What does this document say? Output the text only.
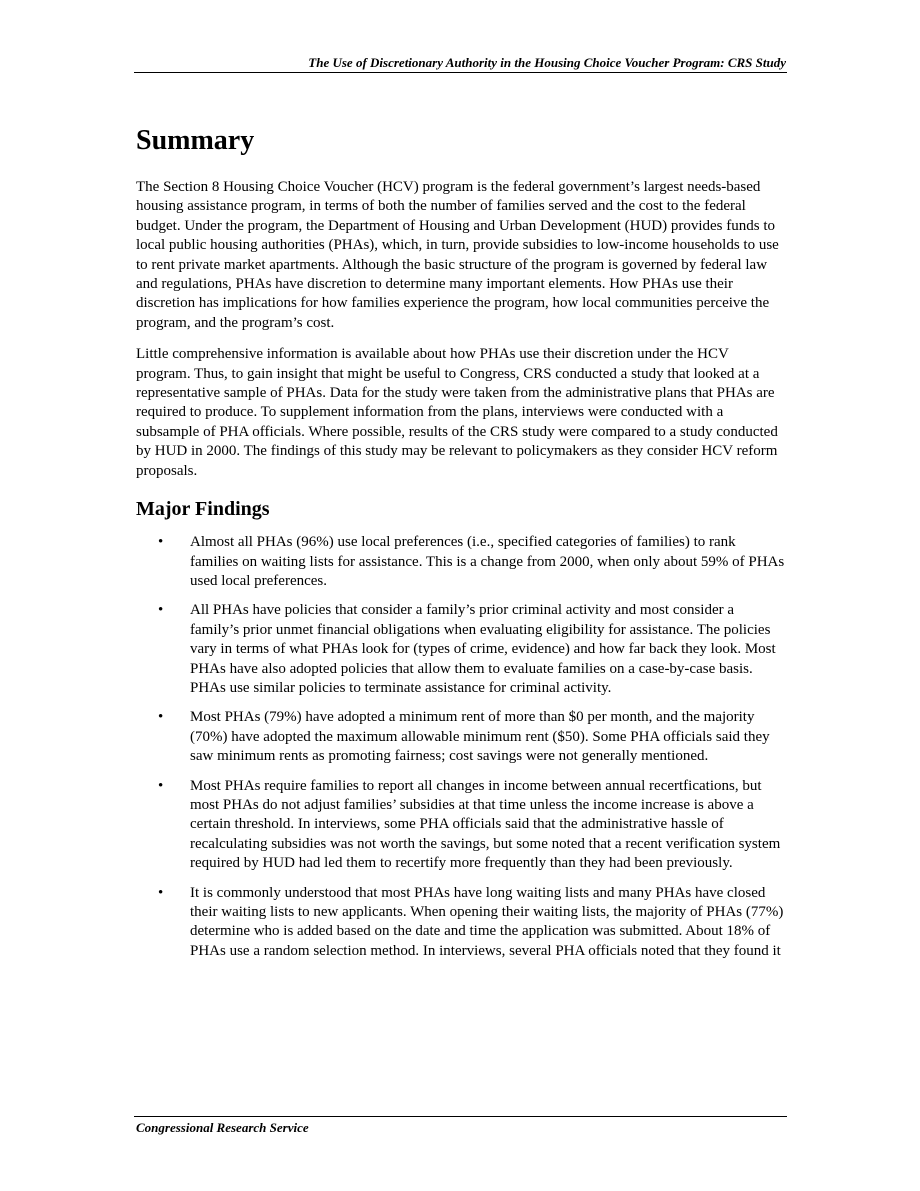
The Use of Discretionary Authority in the Housing Choice Voucher Program: CRS Study
Summary

The Section 8 Housing Choice Voucher (HCV) program is the federal government’s largest needs-based housing assistance program, in terms of both the number of families served and the cost to the federal budget. Under the program, the Department of Housing and Urban Development (HUD) provides funds to local public housing authorities (PHAs), which, in turn, provide subsidies to low-income households to use to rent private market apartments. Although the basic structure of the program is governed by federal law and regulations, PHAs have discretion to determine many important elements. How PHAs use their discretion has implications for how families experience the program, how local communities perceive the program, and the program’s cost.

Little comprehensive information is available about how PHAs use their discretion under the HCV program. Thus, to gain insight that might be useful to Congress, CRS conducted a study that looked at a representative sample of PHAs. Data for the study were taken from the administrative plans that PHAs are required to produce. To supplement information from the plans, interviews were conducted with a subsample of PHA officials. Where possible, results of the CRS study were compared to a study conducted by HUD in 2000. The findings of this study may be relevant to policymakers as they consider HCV reform proposals.

Major Findings
• Almost all PHAs (96%) use local preferences (i.e., specified categories of families) to rank families on waiting lists for assistance. This is a change from 2000, when only about 59% of PHAs used local preferences.
• All PHAs have policies that consider a family’s prior criminal activity and most consider a family’s prior unmet financial obligations when evaluating eligibility for assistance. The policies vary in terms of what PHAs look for (types of crime, evidence) and how far back they look. Most PHAs have also adopted policies that allow them to evaluate families on a case-by-case basis. PHAs use similar policies to terminate assistance for criminal activity.
• Most PHAs (79%) have adopted a minimum rent of more than $0 per month, and the majority (70%) have adopted the maximum allowable minimum rent ($50). Some PHA officials said they saw minimum rents as promoting fairness; cost savings were not generally mentioned.
• Most PHAs require families to report all changes in income between annual recertfications, but most PHAs do not adjust families’ subsidies at that time unless the income increase is above a certain threshold. In interviews, some PHA officials said that the administrative hassle of recalculating subsidies was not worth the savings, but some noted that a recent verification system required by HUD had led them to recertify more frequently than they had been previously.
• It is commonly understood that most PHAs have long waiting lists and many PHAs have closed their waiting lists to new applicants. When opening their waiting lists, the majority of PHAs (77%) determine who is added based on the date and time the application was submitted. About 18% of PHAs use a random selection method. In interviews, several PHA officials noted that they found it
Congressional Research Service
